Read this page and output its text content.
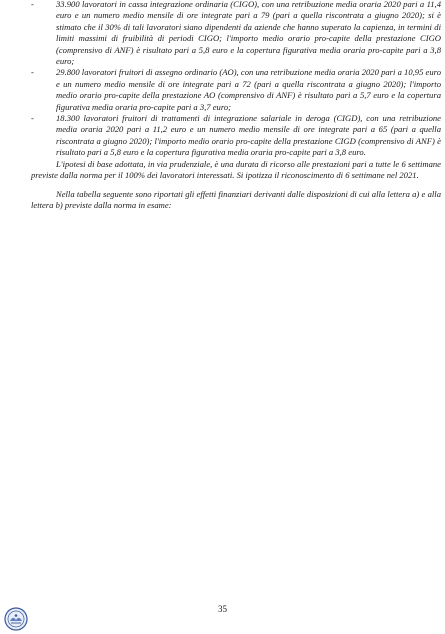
-	33.900 lavoratori in cassa integrazione ordinaria (CIGO), con una retribuzione media oraria 2020 pari a 11,4 euro e un numero medio mensile di ore integrate pari a 79 (pari a quella riscontrata a giugno 2020); si è stimato che il 30% di tali lavoratori siano dipendenti da aziende che hanno superato la capienza, in termini di limiti massimi di fruibilità di periodi CIGO; l'importo medio orario pro-capite della prestazione CIGO (comprensivo di ANF) è risultato pari a 5,8 euro e la copertura figurativa media oraria pro-capite pari a 3,8 euro;
-	29.800 lavoratori fruitori di assegno ordinario (AO), con una retribuzione media oraria 2020 pari a 10,95 euro e un numero medio mensile di ore integrate pari a 72 (pari a quella riscontrata a giugno 2020); l'importo medio orario pro-capite della prestazione AO (comprensivo di ANF) è risultato pari a 5,7 euro e la copertura figurativa media oraria pro-capite pari a 3,7 euro;
-	18.300 lavoratori fruitori di trattamenti di integrazione salariale in deroga (CIGD), con una retribuzione media oraria 2020 pari a 11,2 euro e un numero medio mensile di ore integrate pari a 65 (pari a quella riscontrata a giugno 2020); l'importo medio orario pro-capite della prestazione CIGD (comprensivo di ANF) è risultato pari a 5,8 euro e la copertura figurativa media oraria pro-capite pari a 3,8 euro.

L'ipotesi di base adottata, in via prudenziale, è una durata di ricorso alle prestazioni pari a tutte le 6 settimane previste dalla norma per il 100% dei lavoratori interessati. Si ipotizza il riconoscimento di 6 settimane nel 2021.

Nella tabella seguente sono riportati gli effetti finanziari derivanti dalle disposizioni di cui alla lettera a) e alla lettera b) previste dalla norma in esame:

35
